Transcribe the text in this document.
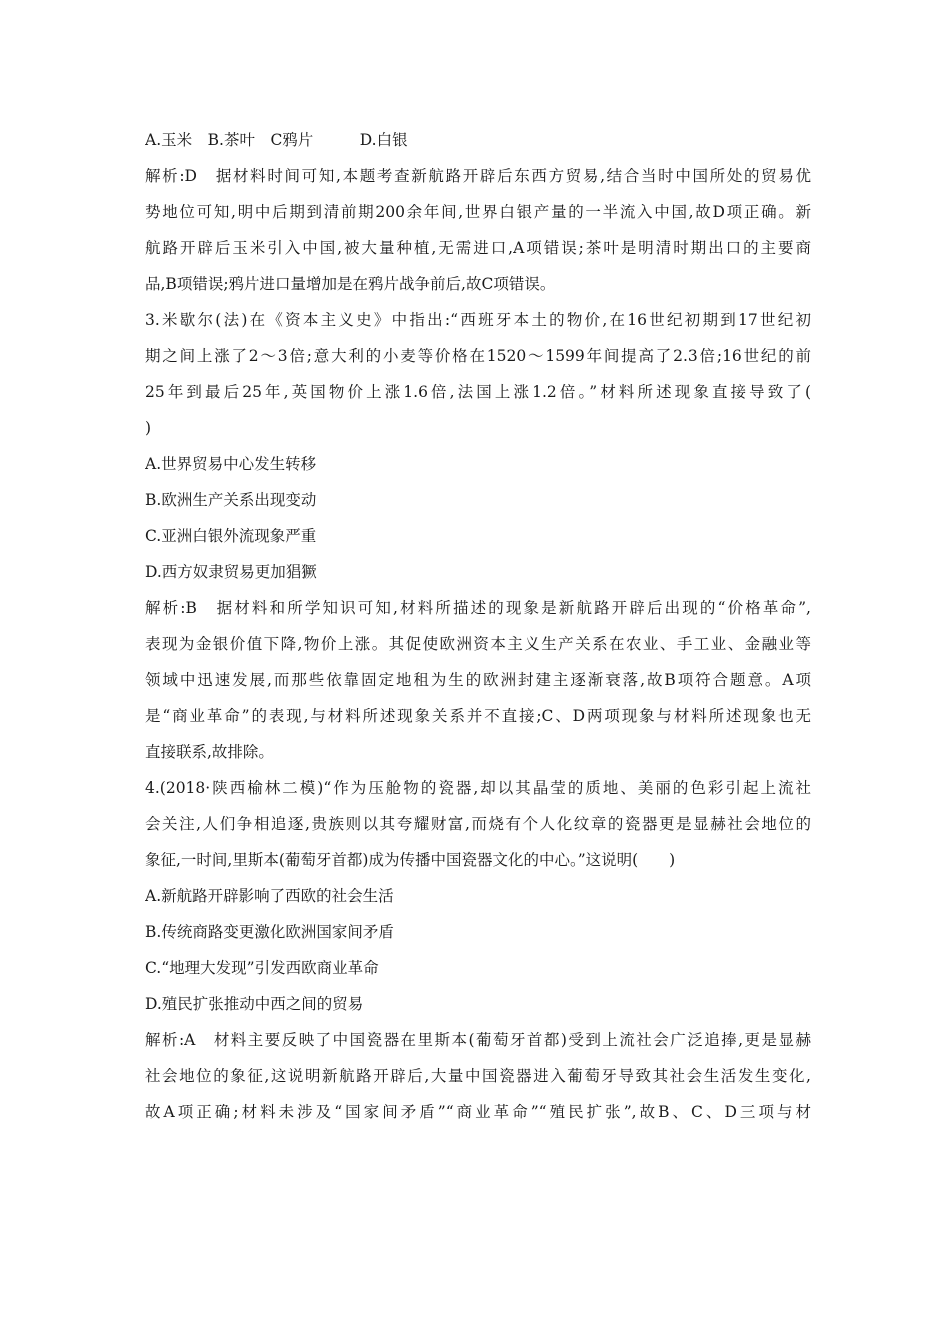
A.玉米　B.茶叶　C鸦片　　　D.白银
解析:D　据材料时间可知,本题考查新航路开辟后东西方贸易,结合当时中国所处的贸易优
势地位可知,明中后期到清前期200余年间,世界白银产量的一半流入中国,故D项正确。新
航路开辟后玉米引入中国,被大量种植,无需进口,A项错误;茶叶是明清时期出口的主要商
品,B项错误;鸦片进口量增加是在鸦片战争前后,故C项错误。
3.米歇尔(法)在《资本主义史》中指出:“西班牙本土的物价,在16世纪初期到17世纪初
期之间上涨了2～3倍;意大利的小麦等价格在1520～1599年间提高了2.3倍;16世纪的前
25年到最后25年,英国物价上涨1.6倍,法国上涨1.2倍。”材料所述现象直接导致了(
)
A.世界贸易中心发生转移
B.欧洲生产关系出现变动
C.亚洲白银外流现象严重
D.西方奴隶贸易更加猖獗
解析:B　据材料和所学知识可知,材料所描述的现象是新航路开辟后出现的“价格革命”,
表现为金银价值下降,物价上涨。其促使欧洲资本主义生产关系在农业、手工业、金融业等
领域中迅速发展,而那些依靠固定地租为生的欧洲封建主逐渐衰落,故B项符合题意。A项
是“商业革命”的表现,与材料所述现象关系并不直接;C、D两项现象与材料所述现象也无
直接联系,故排除。
4.(2018·陕西榆林二模)“作为压舱物的瓷器,却以其晶莹的质地、美丽的色彩引起上流社
会关注,人们争相追逐,贵族则以其夸耀财富,而烧有个人化纹章的瓷器更是显赫社会地位的
象征,一时间,里斯本(葡萄牙首都)成为传播中国瓷器文化的中心。”这说明(　　)
A.新航路开辟影响了西欧的社会生活
B.传统商路变更激化欧洲国家间矛盾
C.“地理大发现”引发西欧商业革命
D.殖民扩张推动中西之间的贸易
解析:A　材料主要反映了中国瓷器在里斯本(葡萄牙首都)受到上流社会广泛追捧,更是显赫
社会地位的象征,这说明新航路开辟后,大量中国瓷器进入葡萄牙导致其社会生活发生变化,
故A项正确;材料未涉及“国家间矛盾”“商业革命”“殖民扩张”,故B、C、D三项与材
